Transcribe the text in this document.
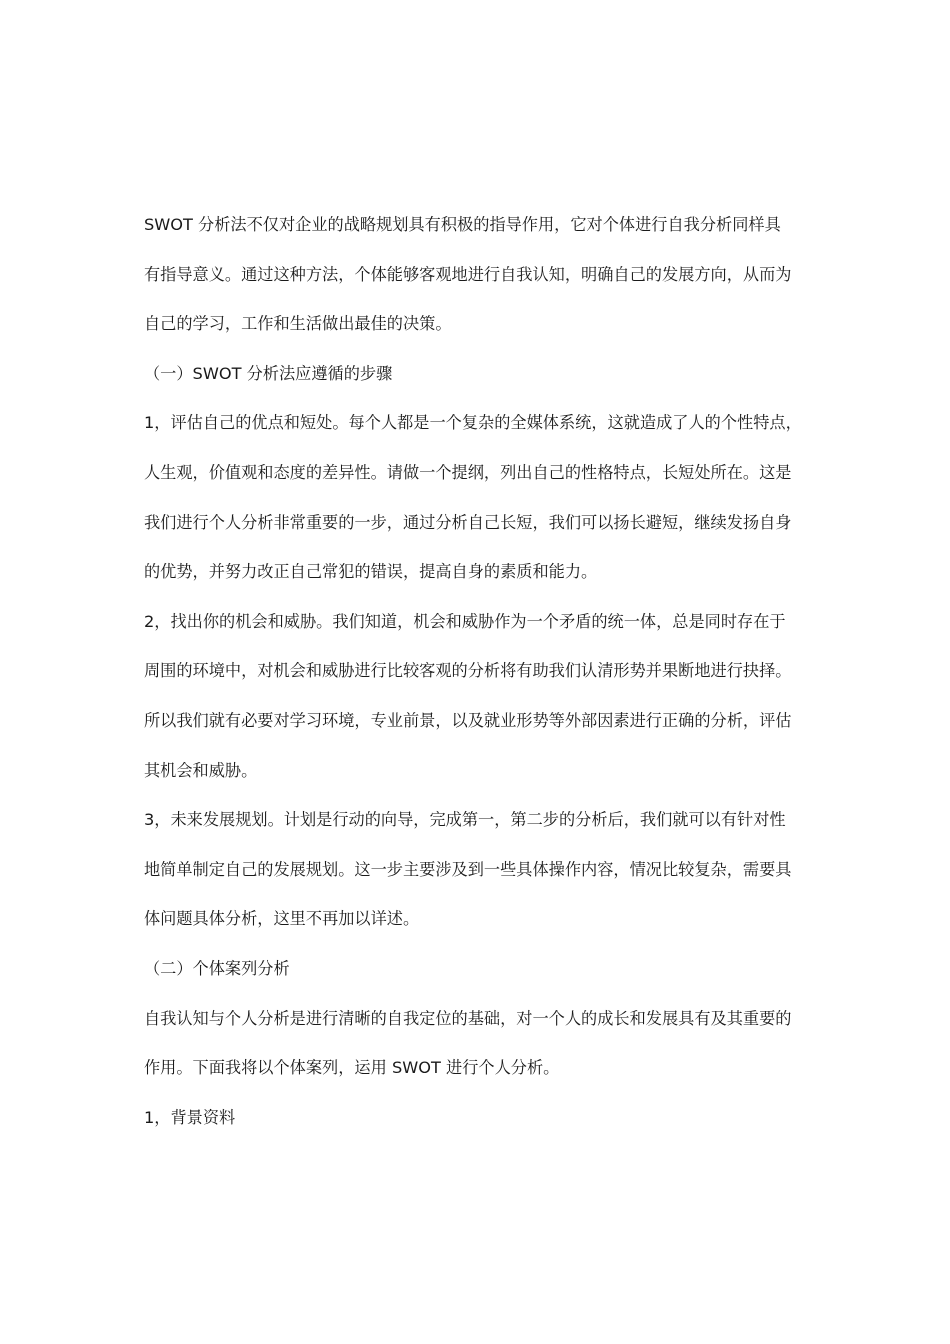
SWOT 分析法不仅对企业的战略规划具有积极的指导作用，它对个体进行自我分析同样具
有指导意义。通过这种方法，个体能够客观地进行自我认知，明确自己的发展方向，从而为
自己的学习，工作和生活做出最佳的决策。
（一）SWOT 分析法应遵循的步骤
1，评估自己的优点和短处。每个人都是一个复杂的全媒体系统，这就造成了人的个性特点，
人生观，价值观和态度的差异性。请做一个提纲，列出自己的性格特点，长短处所在。这是
我们进行个人分析非常重要的一步，通过分析自己长短，我们可以扬长避短，继续发扬自身
的优势，并努力改正自己常犯的错误，提高自身的素质和能力。
2，找出你的机会和威胁。我们知道，机会和威胁作为一个矛盾的统一体，总是同时存在于
周围的环境中，对机会和威胁进行比较客观的分析将有助我们认清形势并果断地进行抉择。
所以我们就有必要对学习环境，专业前景，以及就业形势等外部因素进行正确的分析，评估
其机会和威胁。
3，未来发展规划。计划是行动的向导，完成第一，第二步的分析后，我们就可以有针对性
地简单制定自己的发展规划。这一步主要涉及到一些具体操作内容，情况比较复杂，需要具
体问题具体分析，这里不再加以详述。
（二）个体案列分析
自我认知与个人分析是进行清晰的自我定位的基础，对一个人的成长和发展具有及其重要的
作用。下面我将以个体案列，运用 SWOT 进行个人分析。
1，背景资料
